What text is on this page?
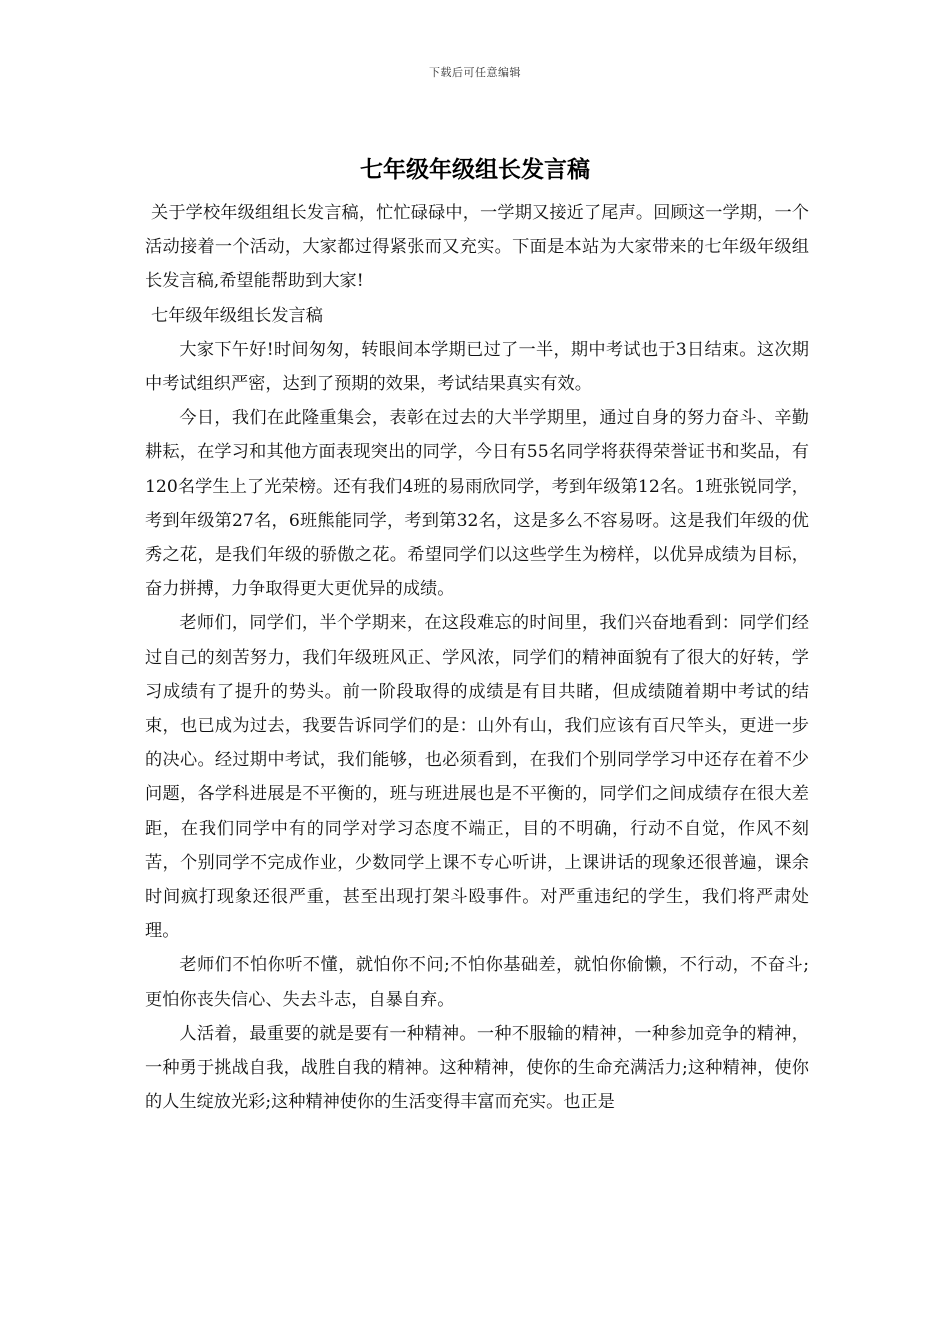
下载后可任意编辑
七年级年级组长发言稿

关于学校年级组组长发言稿，忙忙碌碌中，一学期又接近了尾声。回顾这一学期，一个活动接着一个活动，大家都过得紧张而又充实。下面是本站为大家带来的七年级年级组长发言稿,希望能帮助到大家!

七年级年级组长发言稿

大家下午好!时间匆匆，转眼间本学期已过了一半，期中考试也于3日结束。这次期中考试组织严密，达到了预期的效果，考试结果真实有效。

今日，我们在此隆重集会，表彰在过去的大半学期里，通过自身的努力奋斗、辛勤耕耘，在学习和其他方面表现突出的同学，今日有55名同学将获得荣誉证书和奖品，有120名学生上了光荣榜。还有我们4班的易雨欣同学，考到年级第12名。1班张锐同学，考到年级第27名，6班熊能同学，考到第32名，这是多么不容易呀。这是我们年级的优秀之花，是我们年级的骄傲之花。希望同学们以这些学生为榜样，以优异成绩为目标，奋力拼搏，力争取得更大更优异的成绩。

老师们，同学们，半个学期来，在这段难忘的时间里，我们兴奋地看到：同学们经过自己的刻苦努力，我们年级班风正、学风浓，同学们的精神面貌有了很大的好转，学习成绩有了提升的势头。前一阶段取得的成绩是有目共睹，但成绩随着期中考试的结束，也已成为过去，我要告诉同学们的是：山外有山，我们应该有百尺竿头，更进一步的决心。经过期中考试，我们能够，也必须看到，在我们个别同学学习中还存在着不少问题，各学科进展是不平衡的，班与班进展也是不平衡的，同学们之间成绩存在很大差距，在我们同学中有的同学对学习态度不端正，目的不明确，行动不自觉，作风不刻苦，个别同学不完成作业，少数同学上课不专心听讲，上课讲话的现象还很普遍，课余时间疯打现象还很严重，甚至出现打架斗殴事件。对严重违纪的学生，我们将严肃处理。

老师们不怕你听不懂，就怕你不问;不怕你基础差，就怕你偷懒，不行动，不奋斗;更怕你丧失信心、失去斗志，自暴自弃。

人活着，最重要的就是要有一种精神。一种不服输的精神，一种参加竞争的精神，一种勇于挑战自我，战胜自我的精神。这种精神，使你的生命充满活力;这种精神，使你的人生绽放光彩;这种精神使你的生活变得丰富而充实。也正是
